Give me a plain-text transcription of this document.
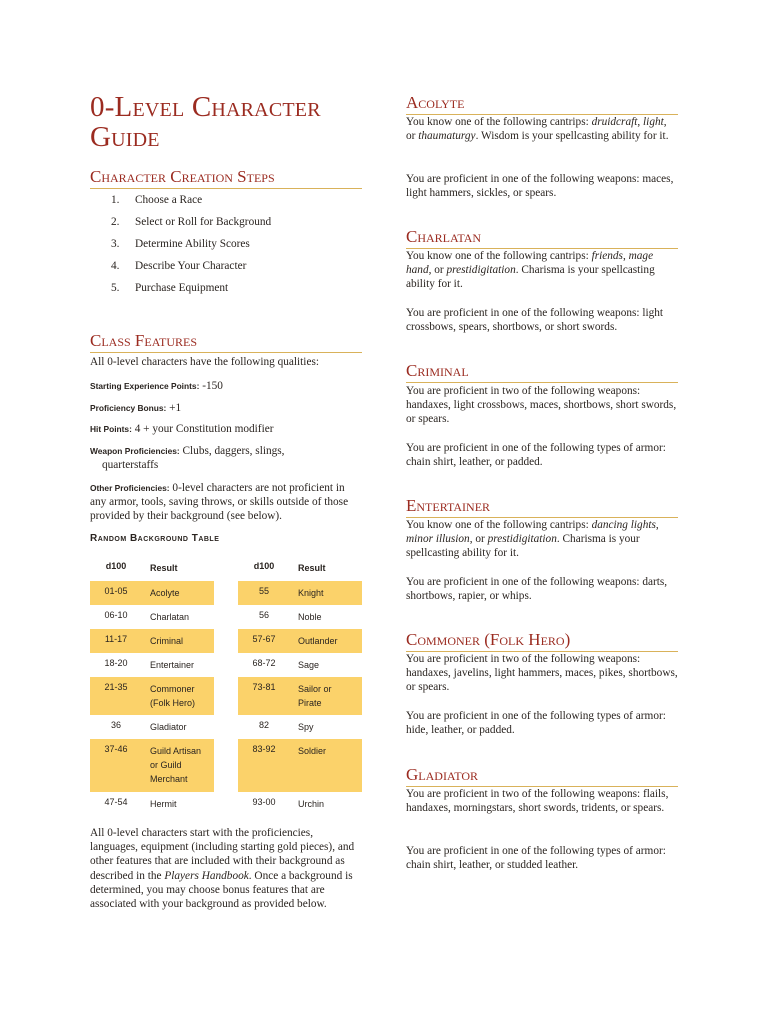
0-Level Character Guide
Character Creation Steps
1. Choose a Race
2. Select or Roll for Background
3. Determine Ability Scores
4. Describe Your Character
5. Purchase Equipment
Class Features

All 0-level characters have the following qualities:

Starting Experience Points: -150
Proficiency Bonus: +1
Hit Points: 4 + your Constitution modifier
Weapon Proficiencies: Clubs, daggers, slings,
quarterstaffs
Other Proficiencies: 0-level characters are not proficient in any armor, tools, saving throws, or skills outside of those provided by their background (see below).
Random Background Table
d100	Result
01-05	Acolyte
06-10	Charlatan
11-17	Criminal
18-20	Entertainer
21-35	Commoner
(Folk Hero)
36	Gladiator
37-46	Guild Artisan
or Guild
Merchant
47-54	Hermit
d100	Result
55	Knight
56	Noble
57-67	Outlander
68-72	Sage
73-81	Sailor or
Pirate
82	Spy
83-92	Soldier
93-00	Urchin

All 0-level characters start with the proficiencies, languages, equipment (including starting gold pieces), and other features that are included with their background as described in the Players Handbook. Once a background is determined, you may choose bonus features that are associated with your background as provided below.

Acolyte

You know one of the following cantrips: druidcraft, light, or thaumaturgy. Wisdom is your spellcasting ability for it.

You are proficient in one of the following weapons: maces, light hammers, sickles, or spears.

Charlatan

You know one of the following cantrips: friends, mage hand, or prestidigitation. Charisma is your spellcasting ability for it.

You are proficient in one of the following weapons: light crossbows, spears, shortbows, or short swords.

Criminal

You are proficient in two of the following weapons: handaxes, light crossbows, maces, shortbows, short swords, or spears.

You are proficient in one of the following types of armor: chain shirt, leather, or padded.

Entertainer

You know one of the following cantrips: dancing lights, minor illusion, or prestidigitation. Charisma is your spellcasting ability for it.

You are proficient in one of the following weapons: darts, shortbows, rapier, or whips.

Commoner (Folk Hero)

You are proficient in two of the following weapons: handaxes, javelins, light hammers, maces, pikes, shortbows, or spears.

You are proficient in one of the following types of armor: hide, leather, or padded.

Gladiator

You are proficient in two of the following weapons: flails, handaxes, morningstars, short swords, tridents, or spears.

You are proficient in one of the following types of armor: chain shirt, leather, or studded leather.
